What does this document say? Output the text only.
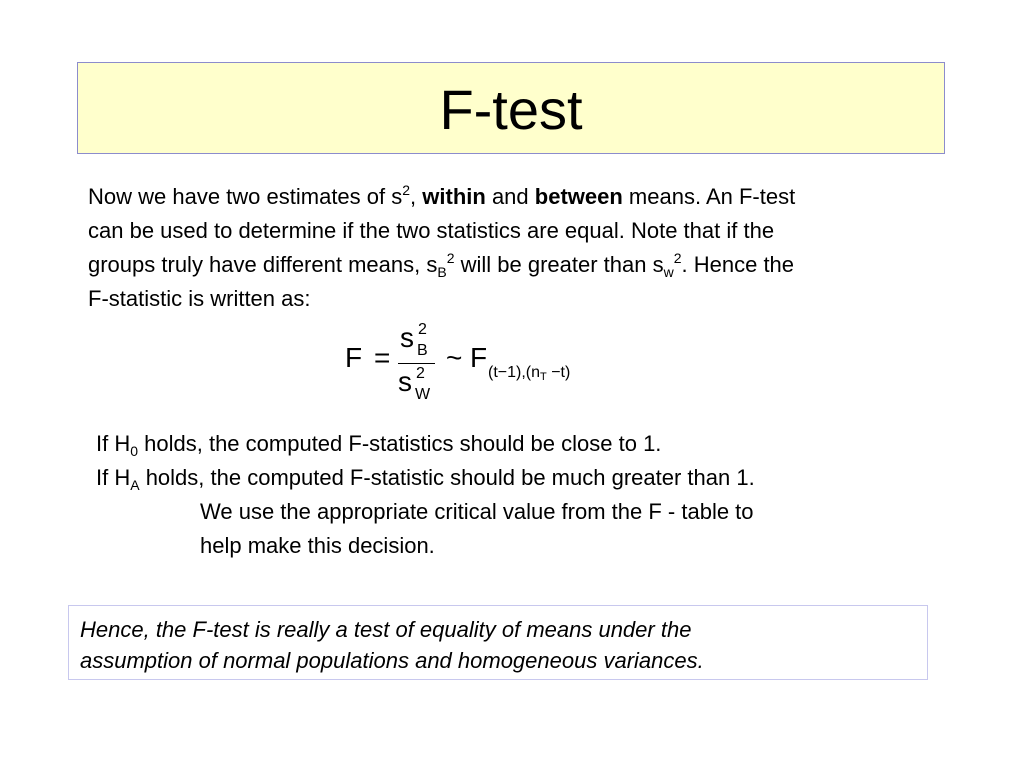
F-test
Now we have two estimates of $s^2$, within and between means. An F-test
can be used to determine if the two statistics are equal. Note that if the
groups truly have different means, $s_B^2$ will be greater than $s_w^2$. Hence the
F-statistic is written as:
F =
s 2
B
s 2
W
~ F $(t-1),(n_T -t)$
If $H_0$ holds, the computed F-statistics should be close to 1.
If $H_A$ holds, the computed F-statistic should be much greater than 1.
We use the appropriate critical value from the F - table to
help make this decision.
Hence, the F-test is really a test of equality of means under the
assumption of normal populations and homogeneous variances.
